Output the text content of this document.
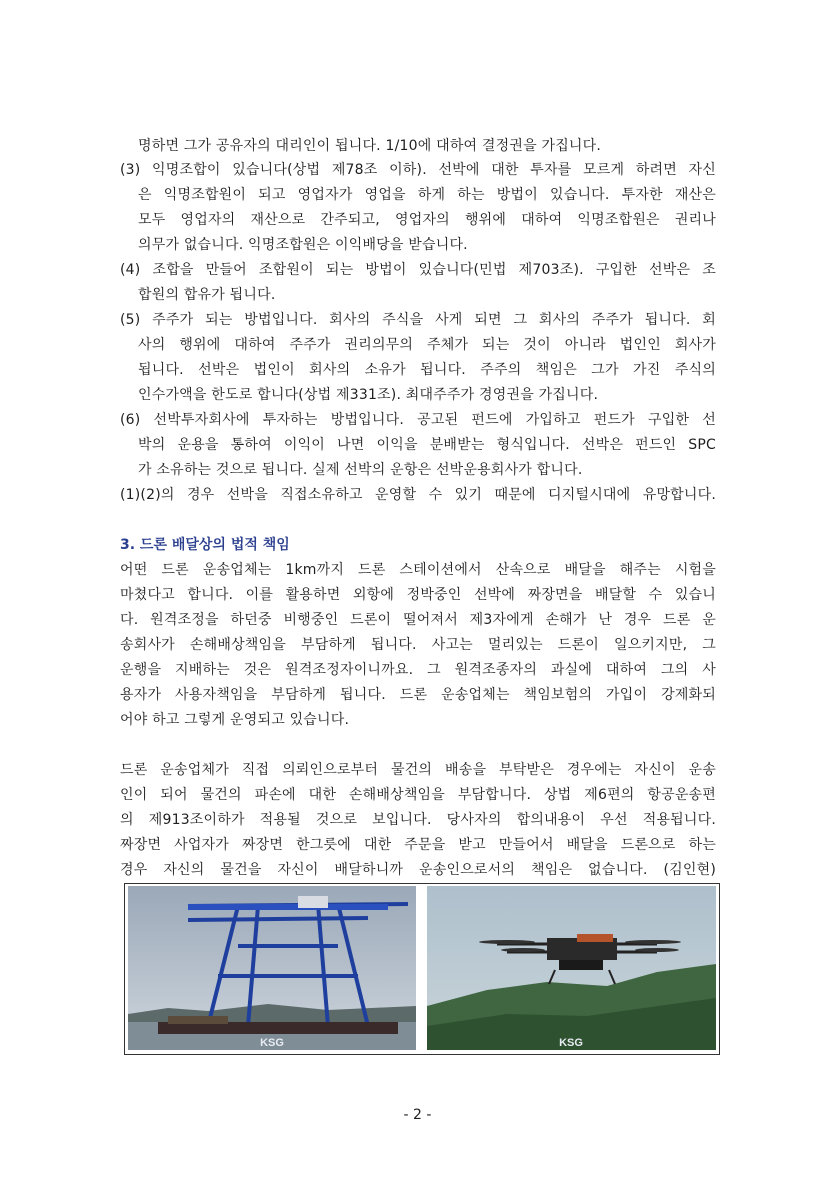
명하면 그가 공유자의 대리인이 됩니다. 1/10에 대하여 결정권을 가집니다.
(3) 익명조합이 있습니다(상법 제78조 이하). 선박에 대한 투자를 모르게 하려면 자신
은 익명조합원이 되고 영업자가 영업을 하게 하는 방법이 있습니다. 투자한 재산은
모두 영업자의 재산으로 간주되고, 영업자의 행위에 대하여 익명조합원은 권리나
의무가 없습니다. 익명조합원은 이익배당을 받습니다.
(4) 조합을 만들어 조합원이 되는 방법이 있습니다(민법 제703조). 구입한 선박은 조
합원의 합유가 됩니다.
(5) 주주가 되는 방법입니다. 회사의 주식을 사게 되면 그 회사의 주주가 됩니다. 회
사의 행위에 대하여 주주가 권리의무의 주체가 되는 것이 아니라 법인인 회사가
됩니다. 선박은 법인이 회사의 소유가 됩니다. 주주의 책임은 그가 가진 주식의
인수가액을 한도로 합니다(상법 제331조). 최대주주가 경영권을 가집니다.
(6) 선박투자회사에 투자하는 방법입니다. 공고된 펀드에 가입하고 펀드가 구입한 선
박의 운용을 통하여 이익이 나면 이익을 분배받는 형식입니다. 선박은 펀드인 SPC
가 소유하는 것으로 됩니다. 실제 선박의 운항은 선박운용회사가 합니다.
(1)(2)의 경우 선박을 직접소유하고 운영할 수 있기 때문에 디지털시대에 유망합니다.
3. 드론 배달상의 법적 책임
어떤 드론 운송업체는 1km까지 드론 스테이션에서 산속으로 배달을 해주는 시험을
마쳤다고 합니다. 이를 활용하면 외항에 정박중인 선박에 짜장면을 배달할 수 있습니
다. 원격조정을 하던중 비행중인 드론이 떨어져서 제3자에게 손해가 난 경우 드론 운
송회사가 손해배상책임을 부담하게 됩니다. 사고는 멀리있는 드론이 일으키지만, 그
운행을 지배하는 것은 원격조정자이니까요. 그 원격조종자의 과실에 대하여 그의 사
용자가 사용자책임을 부담하게 됩니다. 드론 운송업체는 책임보험의 가입이 강제화되
어야 하고 그렇게 운영되고 있습니다.
드론 운송업체가 직접 의뢰인으로부터 물건의 배송을 부탁받은 경우에는 자신이 운송
인이 되어 물건의 파손에 대한 손해배상책임을 부담합니다. 상법 제6편의 항공운송편
의 제913조이하가 적용될 것으로 보입니다. 당사자의 합의내용이 우선 적용됩니다.
짜장면 사업자가 짜장면 한그릇에 대한 주문을 받고 만들어서 배달을 드론으로 하는
경우 자신의 물건을 자신이 배달하니까 운송인으로서의 책임은 없습니다. (김인현)
KSG	KSG
- 2 -
